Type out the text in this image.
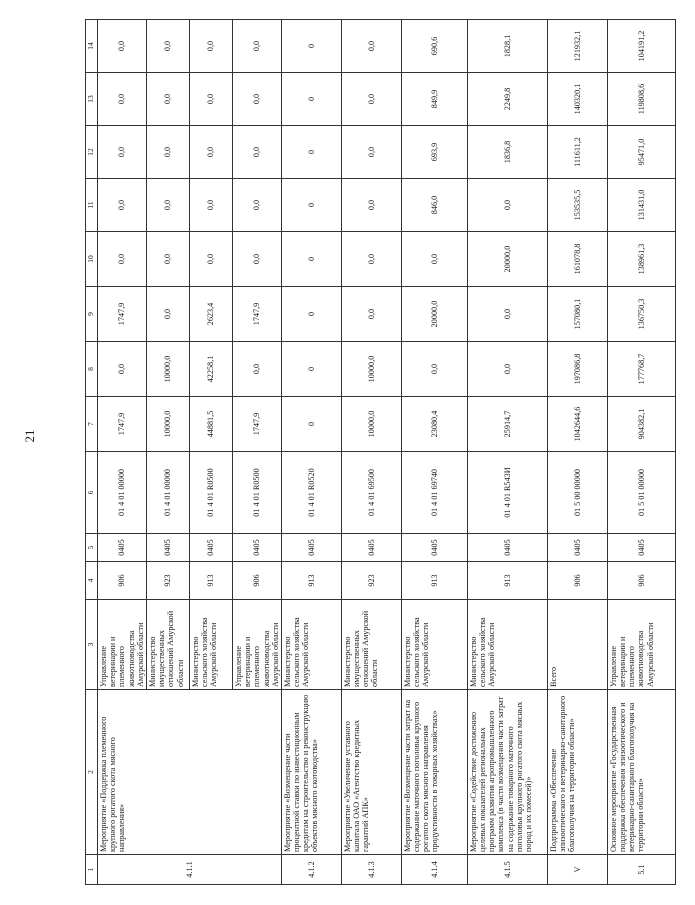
21
1	2	3	4	5	6	7	8	9	10	11	12	13	14
4.1.1	Мероприятие «Поддержка племенного крупного рогатого скота мясного направления»	Управление ветеринарии и племенного животноводства Амурской области	906	0405	01 4 01 00000	1747,9	0,0	1747,9	0,0	0,0	0,0	0,0	0,0
		Министерство имущественных отношений Амурской области	923	0405	01 4 01 00000	10000,0	10000,0	0,0	0,0	0,0	0,0	0,0	0,0
		Министерство сельского хозяйства Амурской области	913	0405	01 4 01 R0500	44881,5	42258,1	2623,4	0,0	0,0	0,0	0,0	0,0
		Управление ветеринарии и племенного животноводства Амурской области	906	0405	01 4 01 R0500	1747,9	0,0	1747,9	0,0	0,0	0,0	0,0	0,0
4.1.2	Мероприятие «Возмещение части процентной ставки по инвестиционным кредитам на строительство и реконструкцию объектов мясного скотоводства»	Министерство сельского хозяйства Амурской области	913	0405	01 4 01 R0520	0	0	0	0	0	0	0	0
4.1.3	Мероприятие «Увеличение уставного капитала ОАО «Агентство кредитных гарантий АПК»	Министерство имущественных отношений Амурской области	923	0405	01 4 01 69500	10000,0	10000,0	0,0	0,0	0,0	0,0	0,0	0,0
4.1.4	Мероприятие «Возмещение части затрат на содержание маточного поголовья крупного рогатого скота мясного направления продуктивности в товарных хозяйствах»	Министерство сельского хозяйства Амурской области	913	0405	01 4 01 69740	23080,4	0,0	20000,0	0,0	846,0	693,9	849,9	690,6
4.1.5	Мероприятие «Содействие достижению целевых показателей региональных программ развития агропромышленного комплекса (в части возмещения части затрат на содержание товарного маточного поголовья крупного рогатого скота мясных пород и их помесей)»	Министерство сельского хозяйства Амурской области	913	0405	01 4 01 R543И	25914,7	0,0	0,0	20000,0	0,0	1836,8	2249,8	1828,1
V	Подпрограмма «Обеспечение эпизоотического и ветеринарно-санитарного благополучия на территории области»	Всего	906	0405	01 5 00 00000	1042644,6	197086,8	157080,1	161078,8	153535,5	111611,2	140320,1	121932,1
5.1	Основное мероприятие «Государственная поддержка обеспечения эпизоотического и ветеринарно-санитарного благополучия на территории области»	Управление ветеринарии и племенного животноводства Амурской области	906	0405	01 5 01 00000	904382,1	177768,7	136750,3	138961,3	131431,0	95471,0	119808,6	104191,2
